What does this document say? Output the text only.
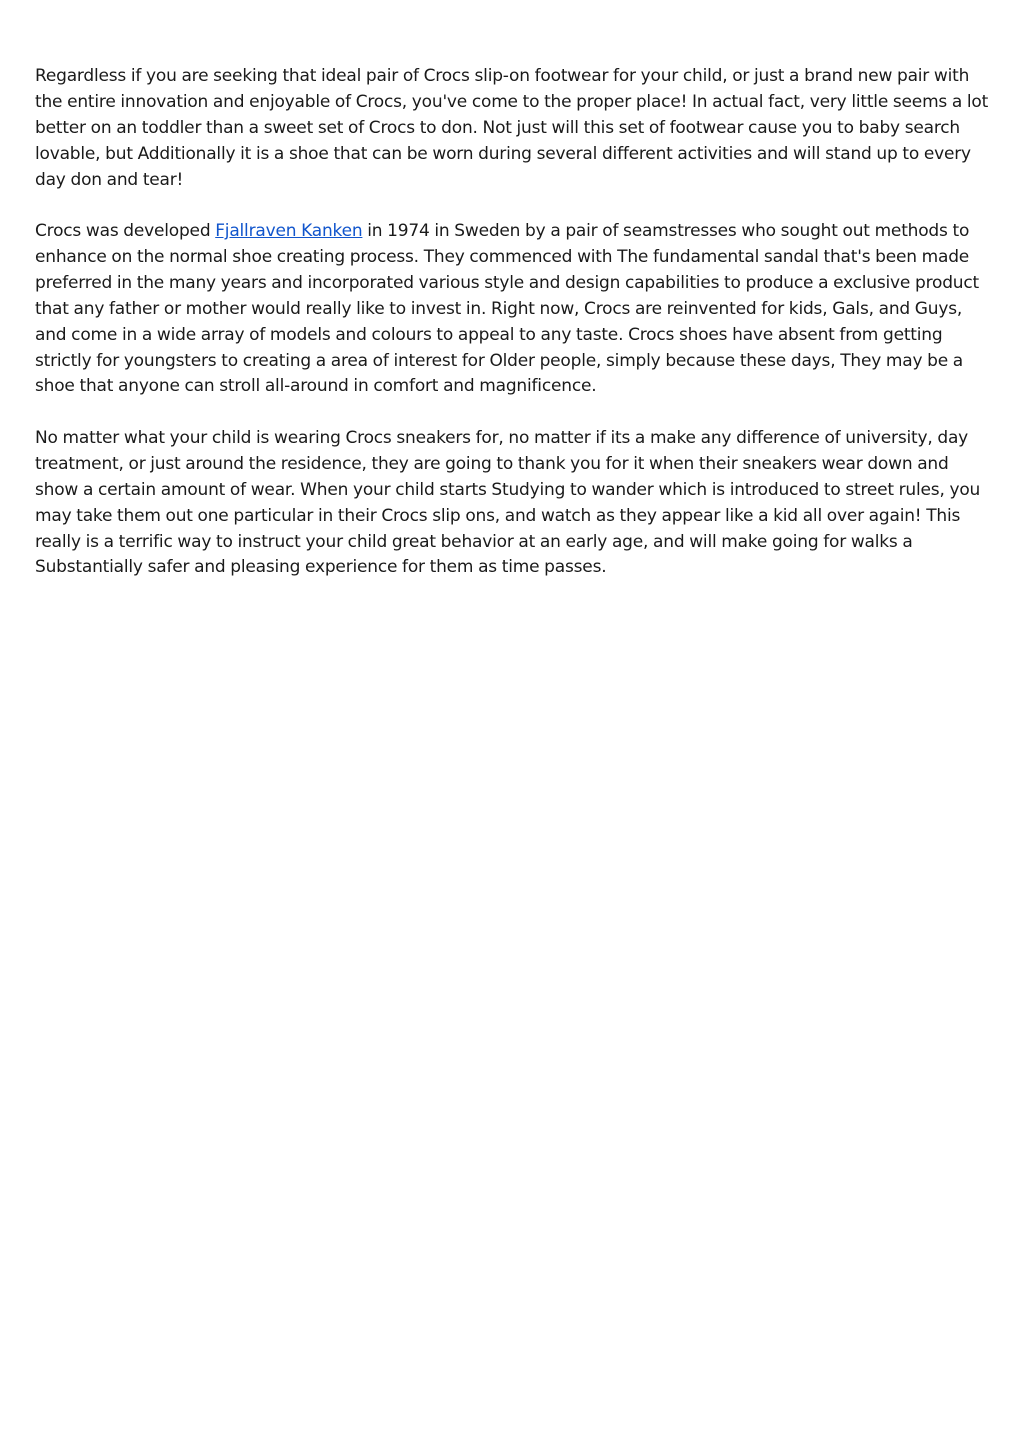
Regardless if you are seeking that ideal pair of Crocs slip-on footwear for your child, or just a brand new pair with the entire innovation and enjoyable of Crocs, you've come to the proper place! In actual fact, very little seems a lot better on an toddler than a sweet set of Crocs to don. Not just will this set of footwear cause you to baby search lovable, but Additionally it is a shoe that can be worn during several different activities and will stand up to every day don and tear!

Crocs was developed Fjallraven Kanken in 1974 in Sweden by a pair of seamstresses who sought out methods to enhance on the normal shoe creating process. They commenced with The fundamental sandal that's been made preferred in the many years and incorporated various style and design capabilities to produce a exclusive product that any father or mother would really like to invest in. Right now, Crocs are reinvented for kids, Gals, and Guys, and come in a wide array of models and colours to appeal to any taste. Crocs shoes have absent from getting strictly for youngsters to creating a area of interest for Older people, simply because these days, They may be a shoe that anyone can stroll all-around in comfort and magnificence.

No matter what your child is wearing Crocs sneakers for, no matter if its a make any difference of university, day treatment, or just around the residence, they are going to thank you for it when their sneakers wear down and show a certain amount of wear. When your child starts Studying to wander which is introduced to street rules, you may take them out one particular in their Crocs slip ons, and watch as they appear like a kid all over again! This really is a terrific way to instruct your child great behavior at an early age, and will make going for walks a Substantially safer and pleasing experience for them as time passes.
